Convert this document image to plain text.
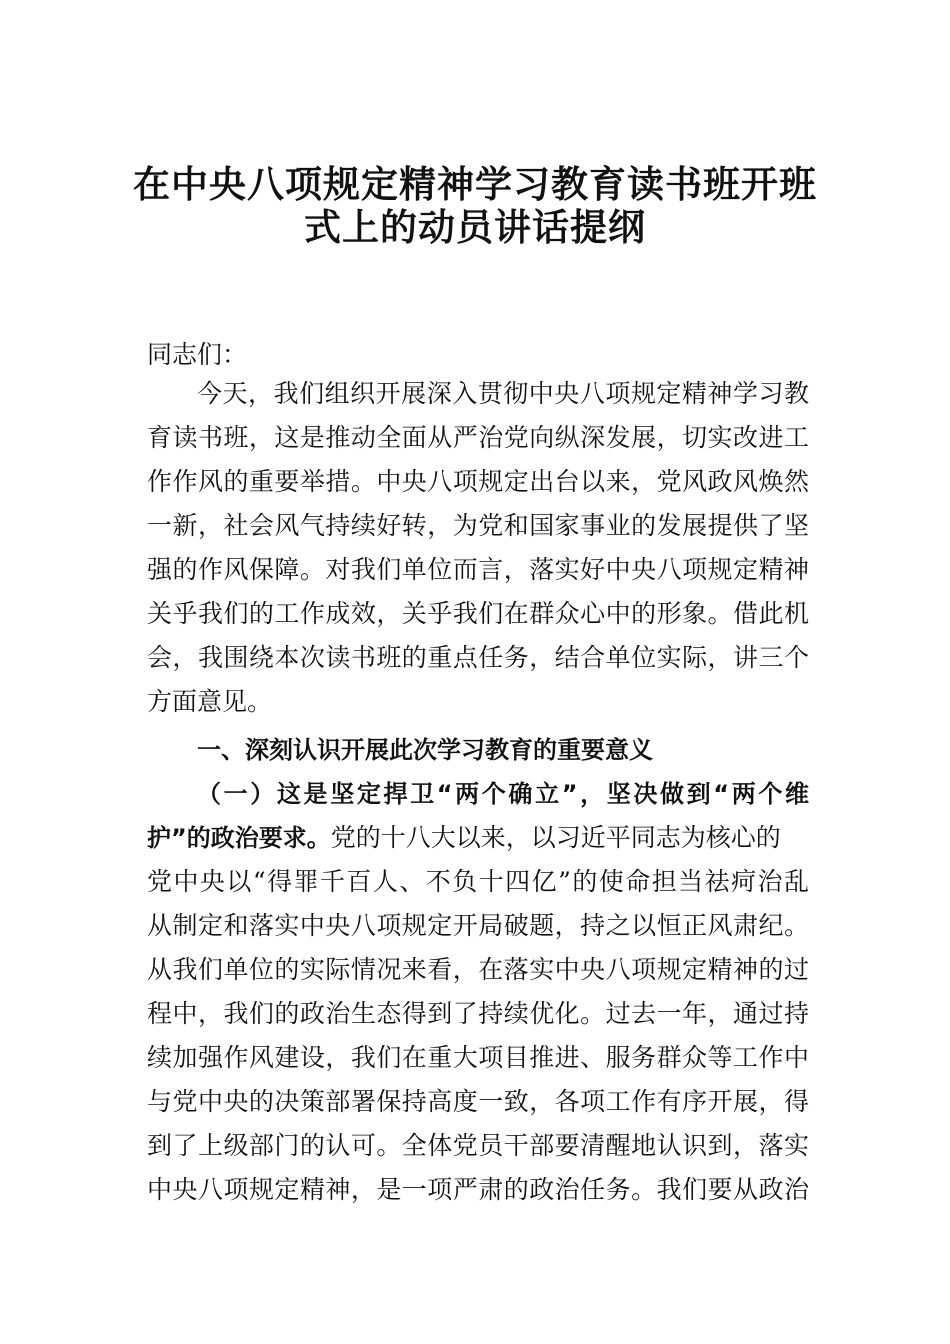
在中央八项规定精神学习教育读书班开班
式上的动员讲话提纲
同志们：
今天，我们组织开展深入贯彻中央八项规定精神学习教
育读书班，这是推动全面从严治党向纵深发展，切实改进工
作作风的重要举措。中央八项规定出台以来，党风政风焕然
一新，社会风气持续好转，为党和国家事业的发展提供了坚
强的作风保障。对我们单位而言，落实好中央八项规定精神
关乎我们的工作成效，关乎我们在群众心中的形象。借此机
会，我围绕本次读书班的重点任务，结合单位实际，讲三个
方面意见。
一、深刻认识开展此次学习教育的重要意义
（一）这是坚定捍卫“两个确立”，坚决做到“两个维
护”的政治要求。党的十八大以来，以习近平同志为核心的
党中央以“得罪千百人、不负十四亿”的使命担当祛疴治乱
从制定和落实中央八项规定开局破题，持之以恒正风肃纪。
从我们单位的实际情况来看，在落实中央八项规定精神的过
程中，我们的政治生态得到了持续优化。过去一年，通过持
续加强作风建设，我们在重大项目推进、服务群众等工作中
与党中央的决策部署保持高度一致，各项工作有序开展，得
到了上级部门的认可。全体党员干部要清醒地认识到，落实
中央八项规定精神，是一项严肃的政治任务。我们要从政治
